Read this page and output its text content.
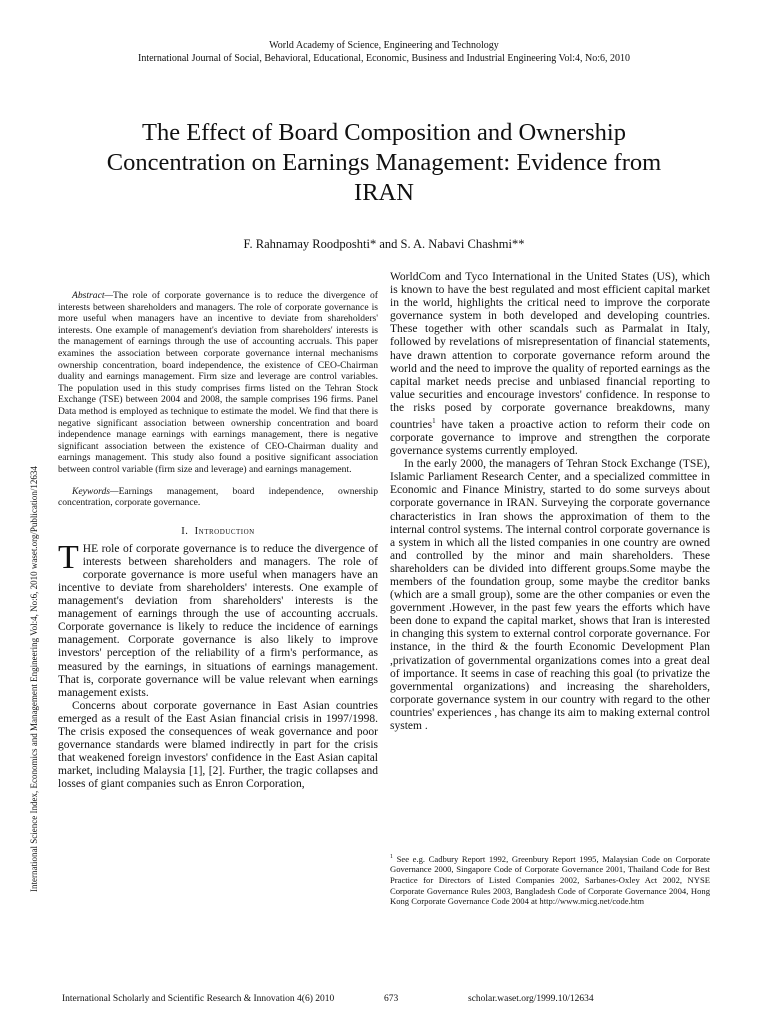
World Academy of Science, Engineering and Technology
International Journal of Social, Behavioral, Educational, Economic, Business and Industrial Engineering Vol:4, No:6, 2010
The Effect of Board Composition and Ownership Concentration on Earnings Management: Evidence from IRAN
F. Rahnamay Roodposhti* and S. A. Nabavi Chashmi**
International Science Index, Economics and Management Engineering Vol:4, No:6, 2010 waset.org/Publication/12634

Abstract—The role of corporate governance is to reduce the divergence of interests between shareholders and managers. The role of corporate governance is more useful when managers have an incentive to deviate from shareholders' interests. One example of management's deviation from shareholders' interests is the management of earnings through the use of accounting accruals. This paper examines the association between corporate governance internal mechanisms ownership concentration, board independence, the existence of CEO-Chairman duality and earnings management. Firm size and leverage are control variables. The population used in this study comprises firms listed on the Tehran Stock Exchange (TSE) between 2004 and 2008, the sample comprises 196 firms. Panel Data method is employed as technique to estimate the model. We find that there is negative significant association between ownership concentration and board independence manage earnings with earnings management, there is negative significant association between the existence of CEO-Chairman duality and earnings management. This study also found a positive significant association between control variable (firm size and leverage) and earnings management.

Keywords—Earnings management, board independence, ownership concentration, corporate governance.

I. Introduction

THE role of corporate governance is to reduce the divergence of interests between shareholders and managers. The role of corporate governance is more useful when managers have an incentive to deviate from shareholders' interests. One example of management's deviation from shareholders' interests is the management of earnings through the use of accounting accruals. Corporate governance is likely to reduce the incidence of earnings management. Corporate governance is also likely to improve investors' perception of the reliability of a firm's performance, as measured by the earnings, in situations of earnings management. That is, corporate governance will be value relevant when earnings management exists.

Concerns about corporate governance in East Asian countries emerged as a result of the East Asian financial crisis in 1997/1998. The crisis exposed the consequences of weak governance and poor governance standards were blamed indirectly in part for the crisis that weakened foreign investors' confidence in the East Asian capital market, including Malaysia [1], [2]. Further, the tragic collapses and losses of giant companies such as Enron Corporation,

WorldCom and Tyco International in the United States (US), which is known to have the best regulated and most efficient capital market in the world, highlights the critical need to improve the corporate governance system in both developed and developing countries. These together with other scandals such as Parmalat in Italy, followed by revelations of misrepresentation of financial statements, have drawn attention to corporate governance reform around the world and the need to improve the quality of reported earnings as the capital market needs precise and unbiased financial reporting to value securities and encourage investors' confidence. In response to the risks posed by corporate governance breakdowns, many countries$^1$ have taken a proactive action to reform their code on corporate governance to improve and strengthen the corporate governance systems currently employed.

In the early 2000, the managers of Tehran Stock Exchange (TSE), Islamic Parliament Research Center, and a specialized committee in Economic and Finance Ministry, started to do some surveys about corporate governance in IRAN. Surveying the corporate governance characteristics in Iran shows the approximation of them to the internal control systems. The internal control corporate governance is a system in which all the listed companies in one country are owned and controlled by the minor and main shareholders. These shareholders can be divided into different groups.Some maybe the members of the foundation group, some maybe the creditor banks (which are a small group), some are the other companies or even the government .However, in the past few years the efforts which have been done to expand the capital market, shows that Iran is interested in changing this system to external control corporate governance. For instance, in the third & the fourth Economic Development Plan ,privatization of governmental organizations comes into a great deal of importance. It seems in case of reaching this goal (to privatize the governmental organizations) and increasing the shareholders, corporate governance system in our country with regard to the other countries' experiences , has change its aim to making external control system .

$^1$ See e.g. Cadbury Report 1992, Greenbury Report 1995, Malaysian Code on Corporate Governance 2000, Singapore Code of Corporate Governance 2001, Thailand Code for Best Practice for Directors of Listed Companies 2002, Sarbanes-Oxley Act 2002, NYSE Corporate Governance Rules 2003, Bangladesh Code of Corporate Governance 2004, Hong Kong Corporate Governance Code 2004 at http://www.micg.net/code.htm
International Scholarly and Scientific Research & Innovation 4(6) 2010	673	scholar.waset.org/1999.10/12634
